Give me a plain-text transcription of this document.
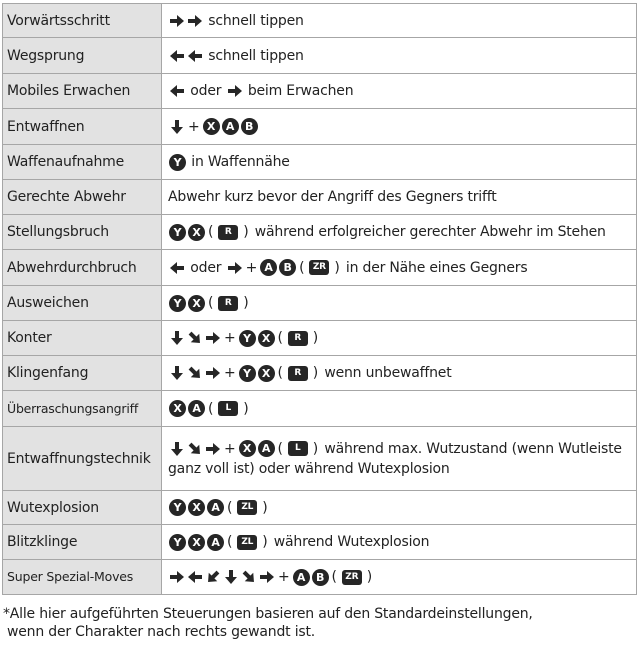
Vorwärtsschritt	schnell tippen
Wegsprung	schnell tippen
Mobiles Erwachen	oder beim Erwachen
Entwaffnen	+ X A B
Waffenaufnahme	Y in Waffennähe
Gerechte Abwehr	Abwehr kurz bevor der Angriff des Gegners trifft
Stellungsbruch	Y X ( R ) während erfolgreicher gerechter Abwehr im Stehen
Abwehrdurchbruch	oder + A B ( ZR ) in der Nähe eines Gegners
Ausweichen	Y X ( R )
Konter	+ Y X ( R )
Klingenfang	+ Y X ( R ) wenn unbewaffnet
Überraschungsangriff	X A ( L )
Entwaffnungstechnik	+ X A ( L ) während max. Wutzustand (wenn Wutleiste ganz voll ist) oder während Wutexplosion
Wutexplosion	Y X A ( ZL )
Blitzklinge	Y X A ( ZL ) während Wutexplosion
Super Spezial-Moves	+ A B ( ZR )
*Alle hier aufgeführten Steuerungen basieren auf den Standardeinstellungen,
wenn der Charakter nach rechts gewandt ist.
